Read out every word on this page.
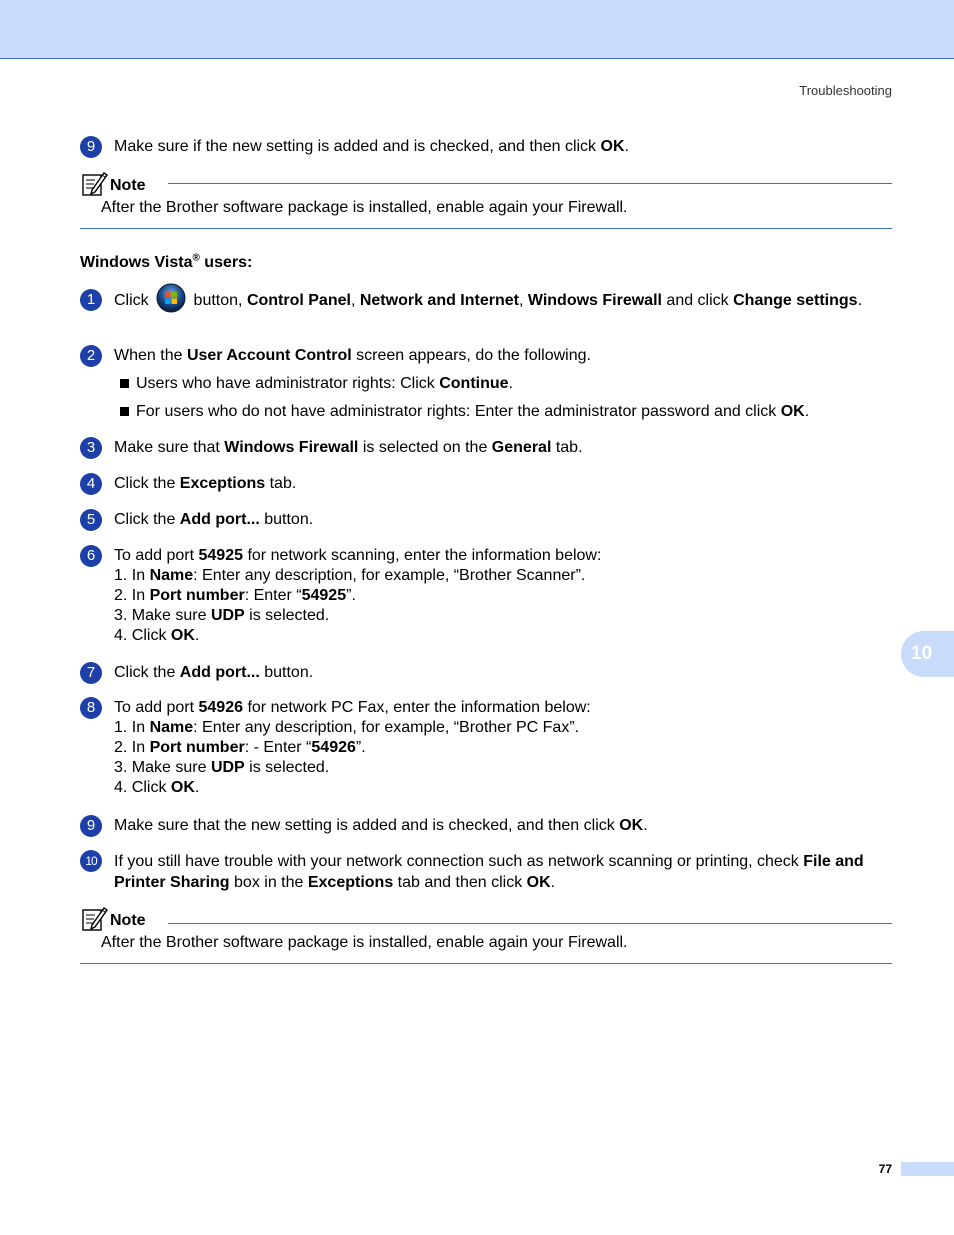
Troubleshooting
9	Make sure if the new setting is added and is checked, and then click OK.
Note
After the Brother software package is installed, enable again your Firewall.
Windows Vista® users:
1	Click  button, Control Panel, Network and Internet, Windows Firewall and click Change settings.
2	When the User Account Control screen appears, do the following.
Users who have administrator rights: Click Continue.
For users who do not have administrator rights: Enter the administrator password and click OK.
3	Make sure that Windows Firewall is selected on the General tab.
4	Click the Exceptions tab.
5	Click the Add port... button.
6	To add port 54925 for network scanning, enter the information below:
1. In Name: Enter any description, for example, “Brother Scanner”.
2. In Port number: Enter “54925”.
3. Make sure UDP is selected.
4. Click OK.
7	Click the Add port... button.
8	To add port 54926 for network PC Fax, enter the information below:
1. In Name: Enter any description, for example, “Brother PC Fax”.
2. In Port number: - Enter “54926”.
3. Make sure UDP is selected.
4. Click OK.
9	Make sure that the new setting is added and is checked, and then click OK.
10	If you still have trouble with your network connection such as network scanning or printing, check File and Printer Sharing box in the Exceptions tab and then click OK.
Note
After the Brother software package is installed, enable again your Firewall.
10
77
